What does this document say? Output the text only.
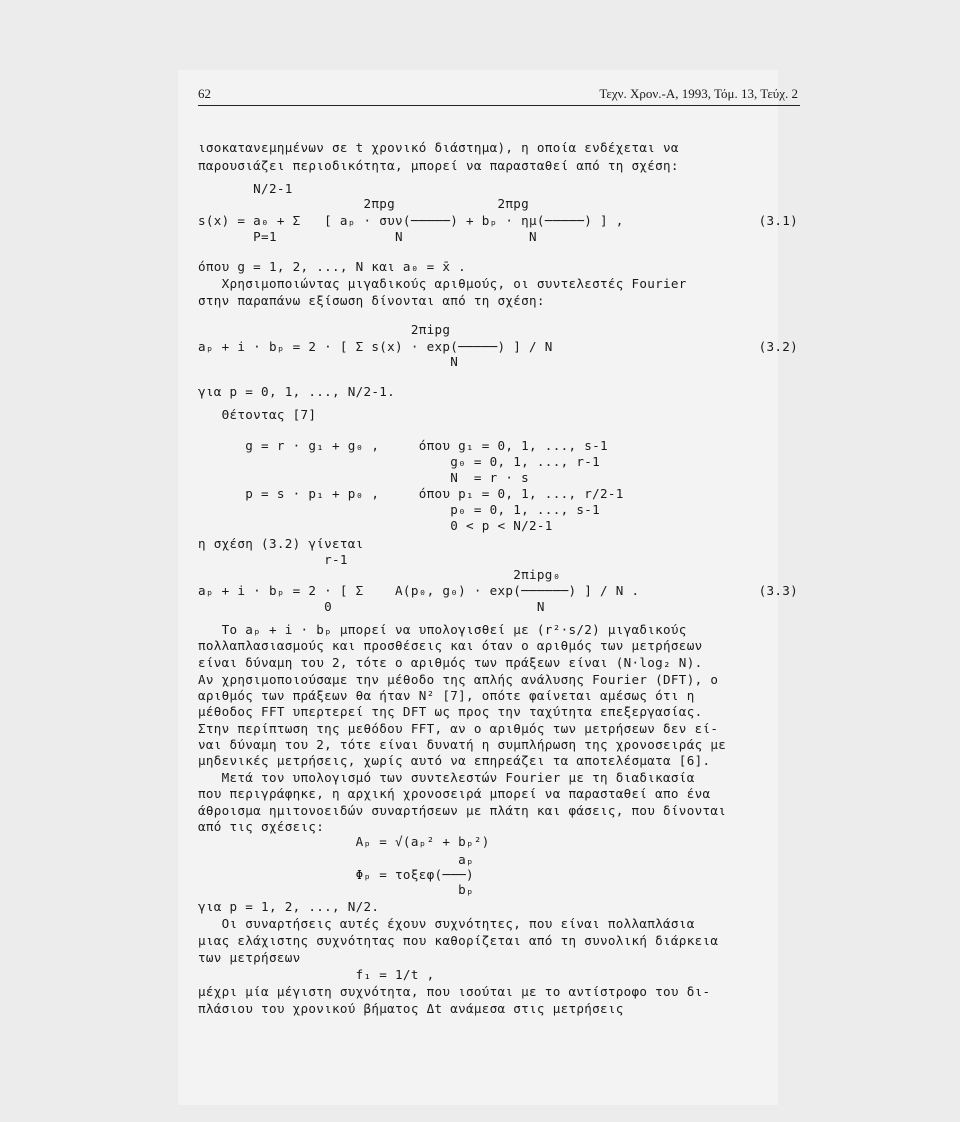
62	Τεχν. Χρον.-Α, 1993, Τόμ. 13, Τεύχ. 2
ισοκατανεμημένων σε t χρονικό διάστημα), η οποία ενδέχεται να
παρουσιάζει περιοδικότητα, μπορεί να παρασταθεί από τη σχέση:
N/2-1
2πpg             2πpg
s(x) = a₀ + Σ   [ aₚ · συν(─────) + bₚ · ημ(─────) ] ,	(3.1)
P=1               N                N
όπου g = 1, 2, ..., N και a₀ = x̄ .
Χρησιμοποιώντας μιγαδικούς αριθμούς, οι συντελεστές Fourier
στην παραπάνω εξίσωση δίνονται από τη σχέση:
2πipg
aₚ + i · bₚ = 2 · [ Σ s(x) · exp(─────) ] / N	(3.2)
N
για p = 0, 1, ..., N/2-1.
Θέτοντας [7]
g = r · g₁ + g₀ ,     όπου g₁ = 0, 1, ..., s-1
g₀ = 0, 1, ..., r-1
N  = r · s
p = s · p₁ + p₀ ,     όπου p₁ = 0, 1, ..., r/2-1
p₀ = 0, 1, ..., s-1
0 < p < N/2-1
η σχέση (3.2) γίνεται
r-1
2πipg₀
aₚ + i · bₚ = 2 · [ Σ    A(p₀, g₀) · exp(──────) ] / N .	(3.3)
0                          N
Το aₚ + i · bₚ μπορεί να υπολογισθεί με (r²·s/2) μιγαδικούς
πολλαπλασιασμούς και προσθέσεις και όταν ο αριθμός των μετρήσεων
είναι δύναμη του 2, τότε ο αριθμός των πράξεων είναι (N·log₂ N).
Αν χρησιμοποιούσαμε την μέθοδο της απλής ανάλυσης Fourier (DFT), ο
αριθμός των πράξεων θα ήταν N² [7], οπότε φαίνεται αμέσως ότι η
μέθοδος FFT υπερτερεί της DFT ως προς την ταχύτητα επεξεργασίας.
Στην περίπτωση της μεθόδου FFT, αν ο αριθμός των μετρήσεων δεν εί-
ναι δύναμη του 2, τότε είναι δυνατή η συμπλήρωση της χρονοσειράς με
μηδενικές μετρήσεις, χωρίς αυτό να επηρεάζει τα αποτελέσματα [6].
Μετά τον υπολογισμό των συντελεστών Fourier με τη διαδικασία
που περιγράφηκε, η αρχική χρονοσειρά μπορεί να παρασταθεί απο ένα
άθροισμα ημιτονοειδών συναρτήσεων με πλάτη και φάσεις, που δίνονται
από τις σχέσεις:
Aₚ = √(aₚ² + bₚ²)
aₚ
Φₚ = τοξεφ(───)
bₚ
για p = 1, 2, ..., N/2.
Οι συναρτήσεις αυτές έχουν συχνότητες, που είναι πολλαπλάσια
μιας ελάχιστης συχνότητας που καθορίζεται από τη συνολική διάρκεια
των μετρήσεων
f₁ = 1/t ,
μέχρι μία μέγιστη συχνότητα, που ισούται με το αντίστροφο του δι-
πλάσιου του χρονικού βήματος Δt ανάμεσα στις μετρήσεις
